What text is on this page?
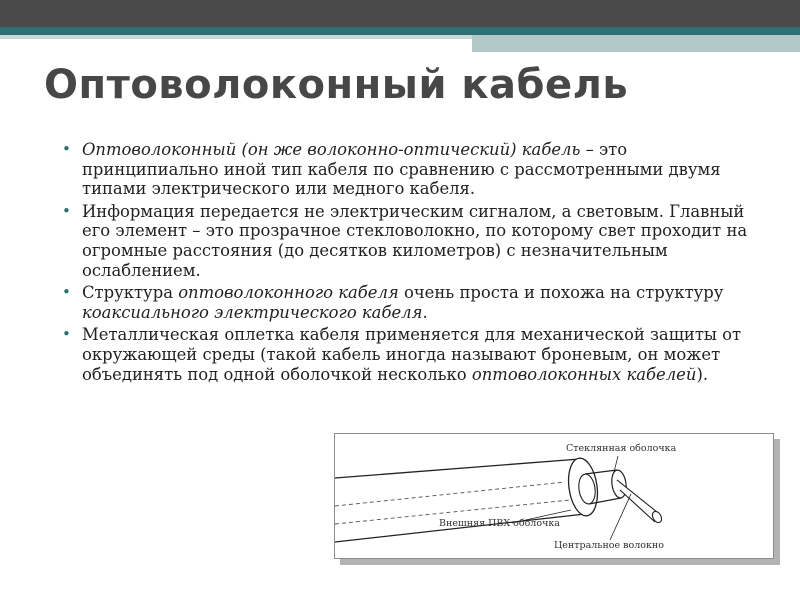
Оптоволоконный кабель
• Оптоволоконный (он же волоконно-оптический) кабель – это принципиально иной тип кабеля по сравнению с рассмотренными двумя типами электрического или медного кабеля.
• Информация передается не электрическим сигналом, а световым. Главный его элемент – это прозрачное стекловолокно, по которому свет проходит на огромные расстояния (до десятков километров) с незначительным ослаблением.
• Структура оптоволоконного кабеля очень проста и похожа на структуру коаксиального электрического кабеля.
• Металлическая оплетка кабеля применяется для механической защиты от окружающей среды (такой кабель иногда называют броневым, он может объединять под одной оболочкой несколько оптоволоконных кабелей).
Стеклянная оболочка
Внешняя ПВХ оболочка
Центральное волокно
